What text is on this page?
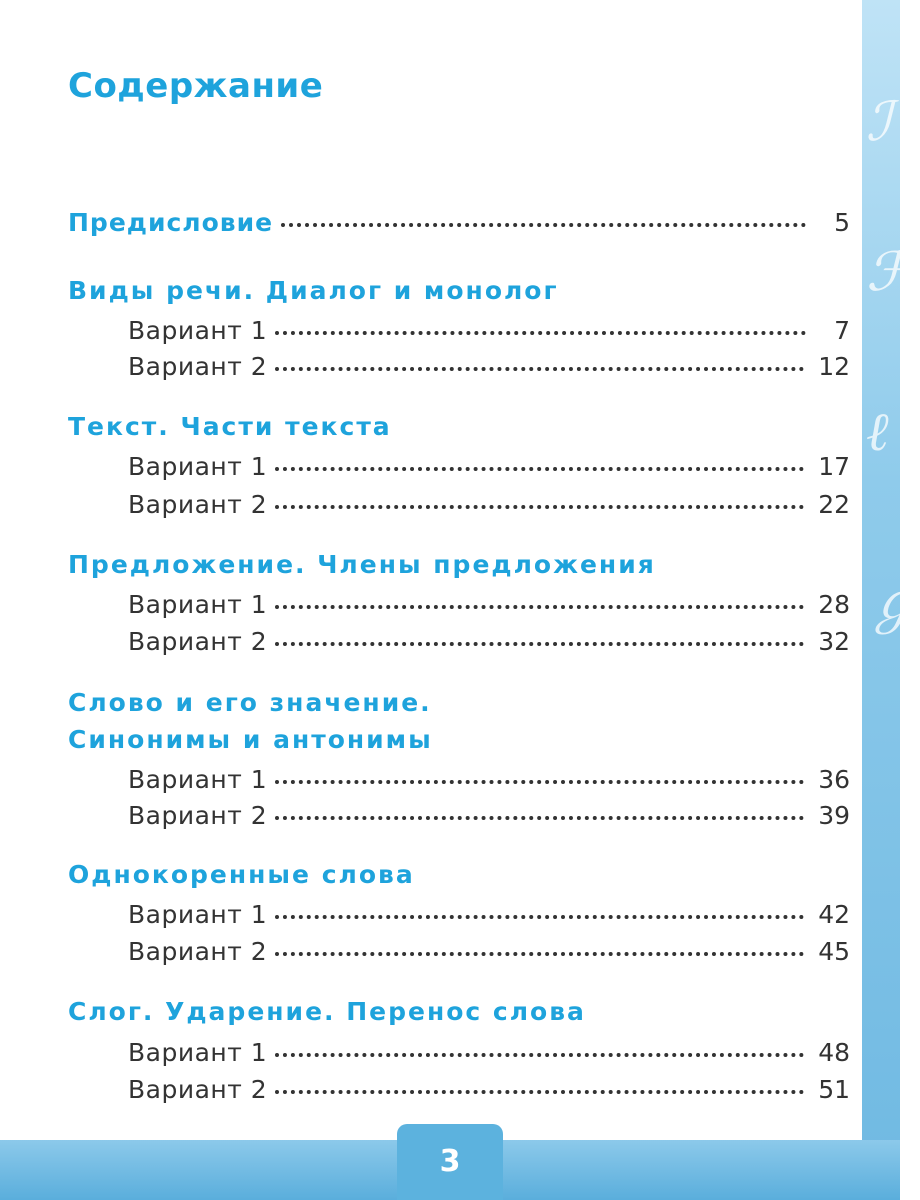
ℐ
ℱ
ℓ
ℊ
Содержание
Предисловие	5
Виды речи. Диалог и монолог
Вариант 1	7
Вариант 2	12
Текст. Части текста
Вариант 1	17
Вариант 2	22
Предложение. Члены предложения
Вариант 1	28
Вариант 2	32
Слово и его значение.
Синонимы и антонимы
Вариант 1	36
Вариант 2	39
Однокоренные слова
Вариант 1	42
Вариант 2	45
Слог. Ударение. Перенос слова
Вариант 1	48
Вариант 2	51
3
